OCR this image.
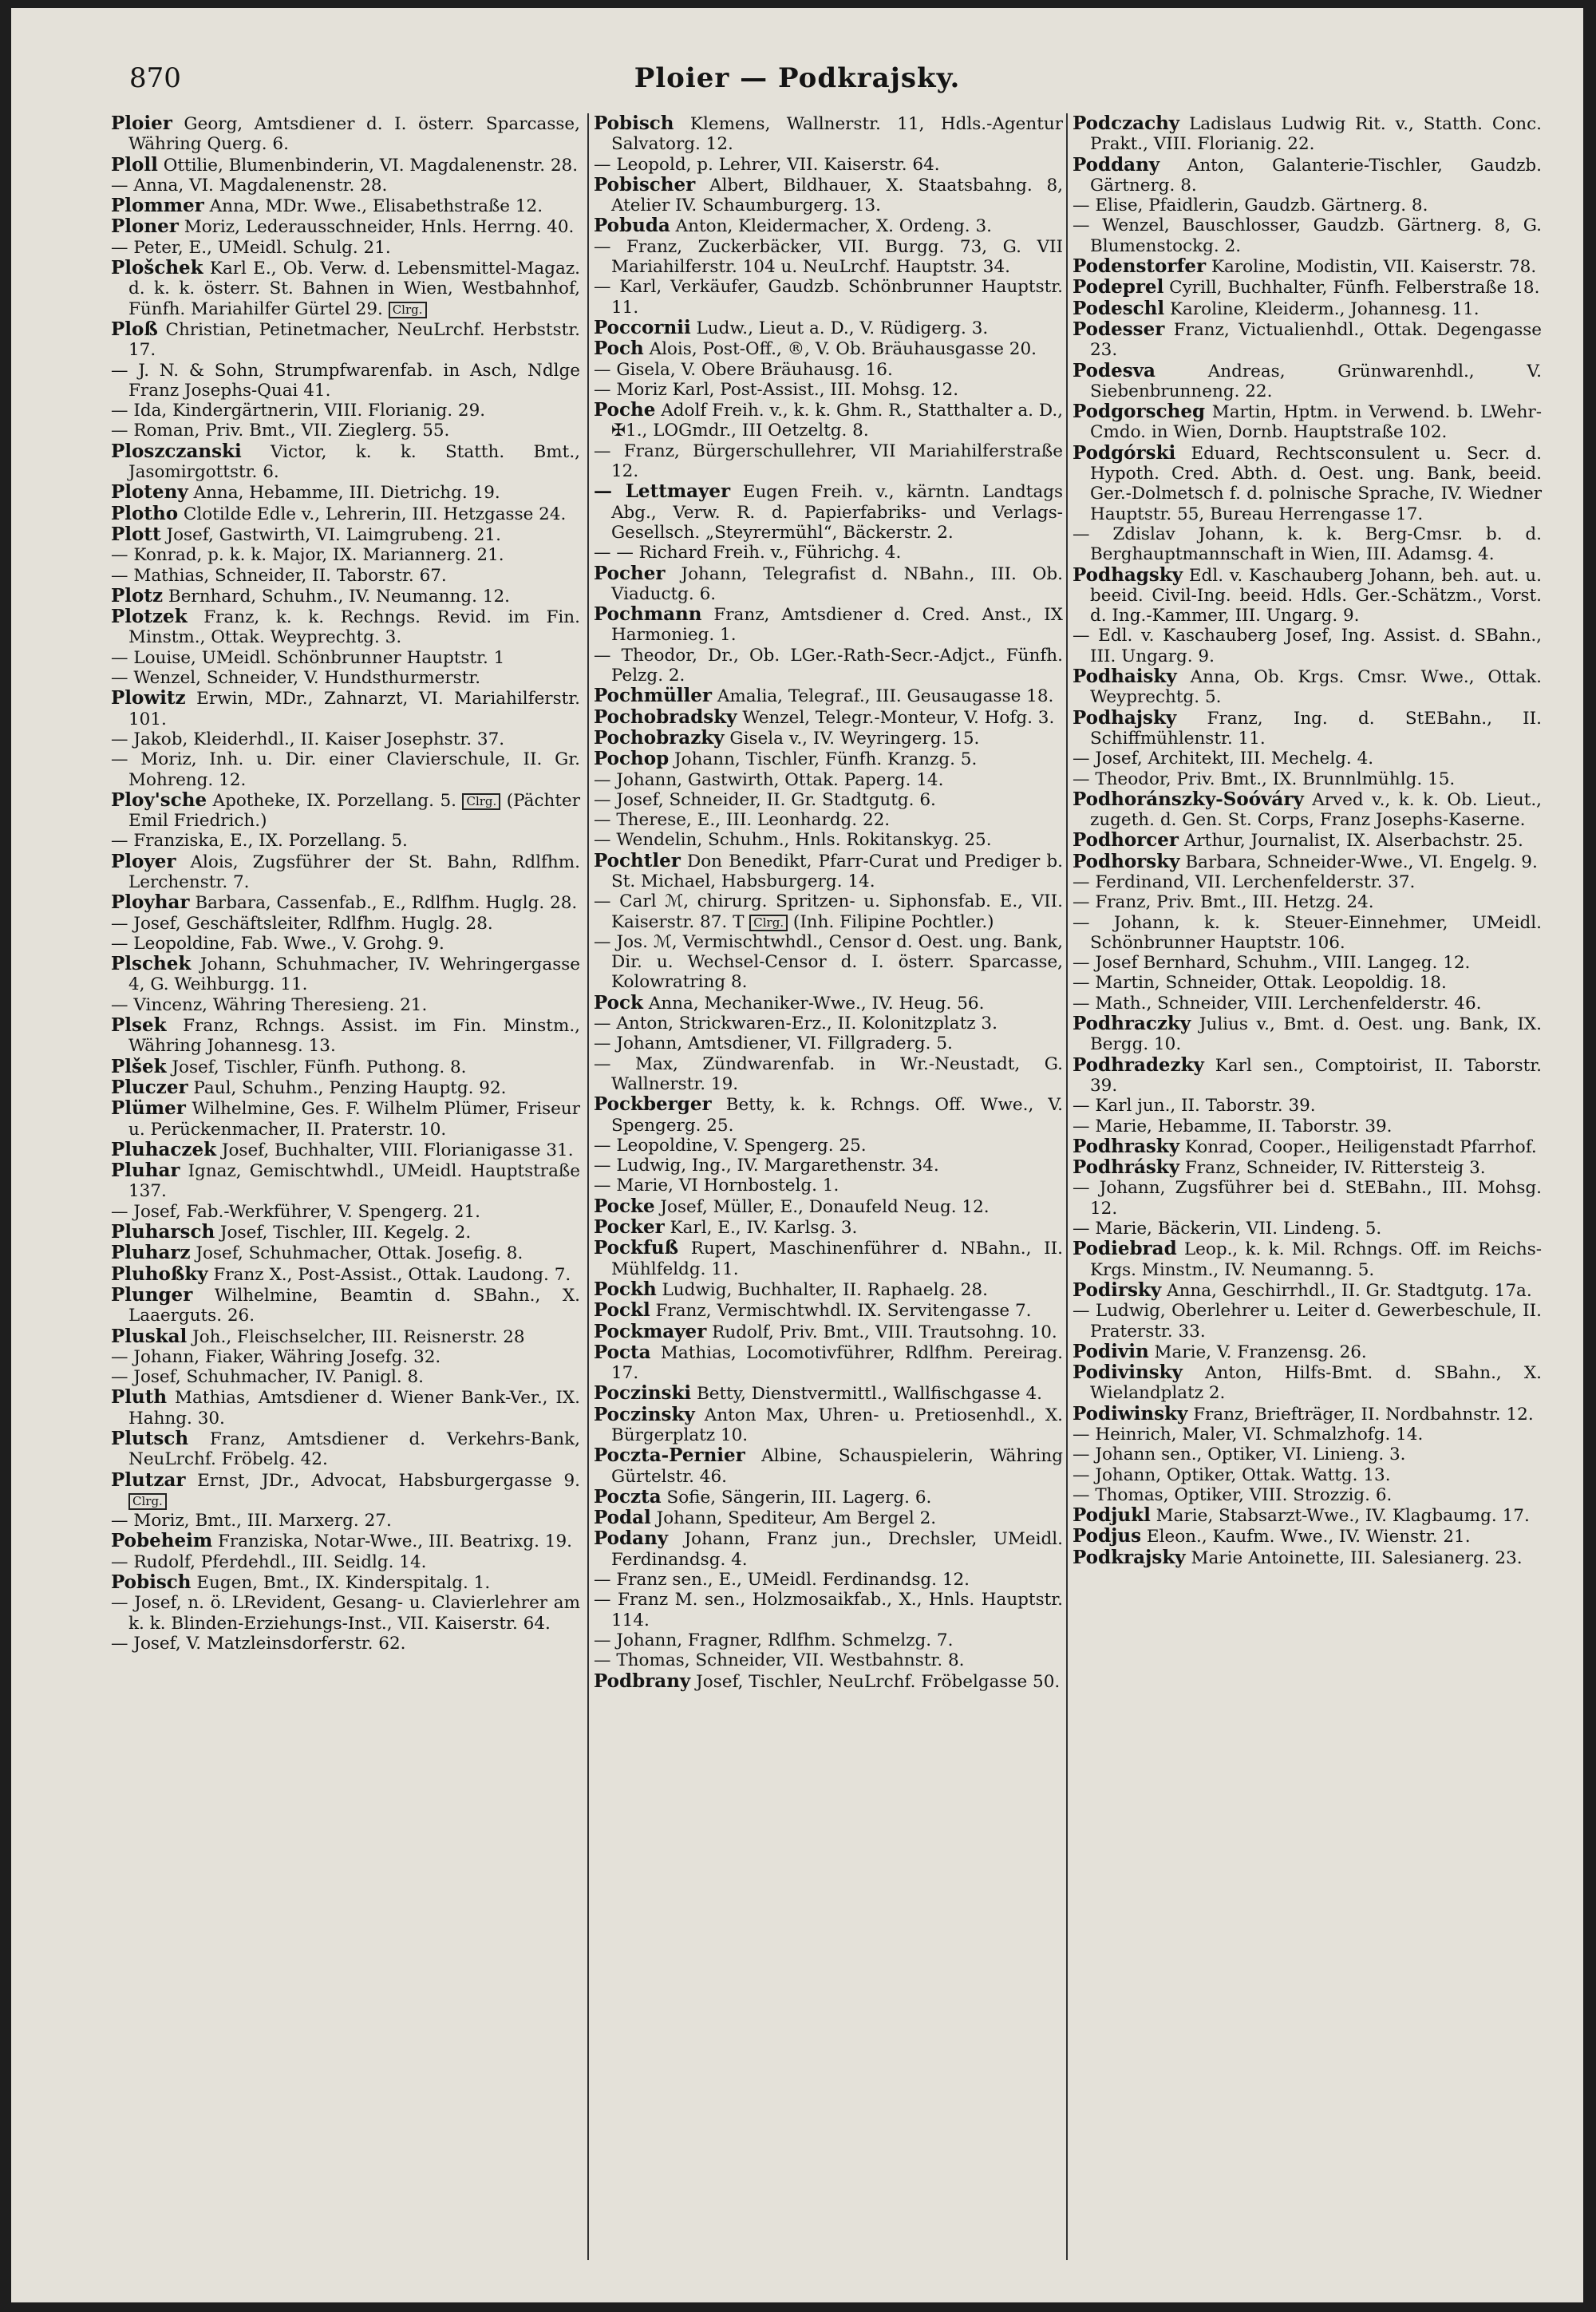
870	Ploier — Podkrajsky.

Ploier Georg, Amtsdiener d. I. österr. Sparcasse, Währing Querg. 6.

Ploll Ottilie, Blumenbinderin, VI. Magdalenenstr. 28.

— Anna, VI. Magdalenenstr. 28.

Plommer Anna, MDr. Wwe., Elisabethstraße 12.

Ploner Moriz, Lederausschneider, Hnls. Herrng. 40.

— Peter, E., UMeidl. Schulg. 21.

Plošchek Karl E., Ob. Verw. d. Lebensmittel-Magaz. d. k. k. österr. St. Bahnen in Wien, Westbahnhof, Fünfh. Mariahilfer Gürtel 29. Clrg.

Ploß Christian, Petinetmacher, NeuLrchf. Herbststr. 17.

— J. N. & Sohn, Strumpfwarenfab. in Asch, Ndlge Franz Josephs-Quai 41.

— Ida, Kindergärtnerin, VIII. Florianig. 29.

— Roman, Priv. Bmt., VII. Zieglerg. 55.

Ploszczanski Victor, k. k. Statth. Bmt., Jasomirgottstr. 6.

Ploteny Anna, Hebamme, III. Dietrichg. 19.

Plotho Clotilde Edle v., Lehrerin, III. Hetzgasse 24.

Plott Josef, Gastwirth, VI. Laimgrubeng. 21.

— Konrad, p. k. k. Major, IX. Mariannerg. 21.

— Mathias, Schneider, II. Taborstr. 67.

Plotz Bernhard, Schuhm., IV. Neumanng. 12.

Plotzek Franz, k. k. Rechngs. Revid. im Fin. Minstm., Ottak. Weyprechtg. 3.

— Louise, UMeidl. Schönbrunner Hauptstr. 1

— Wenzel, Schneider, V. Hundsthurmerstr.

Plowitz Erwin, MDr., Zahnarzt, VI. Mariahilferstr. 101.

— Jakob, Kleiderhdl., II. Kaiser Josephstr. 37.

— Moriz, Inh. u. Dir. einer Clavierschule, II. Gr. Mohreng. 12.

Ploy'sche Apotheke, IX. Porzellang. 5. Clrg. (Pächter Emil Friedrich.)

— Franziska, E., IX. Porzellang. 5.

Ployer Alois, Zugsführer der St. Bahn, Rdlfhm. Lerchenstr. 7.

Ployhar Barbara, Cassenfab., E., Rdlfhm. Huglg. 28.

— Josef, Geschäftsleiter, Rdlfhm. Huglg. 28.

— Leopoldine, Fab. Wwe., V. Grohg. 9.

Plschek Johann, Schuhmacher, IV. Wehringergasse 4, G. Weihburgg. 11.

— Vincenz, Währing Theresieng. 21.

Plsek Franz, Rchngs. Assist. im Fin. Minstm., Währing Johannesg. 13.

Plšek Josef, Tischler, Fünfh. Puthong. 8.

Pluczer Paul, Schuhm., Penzing Hauptg. 92.

Plümer Wilhelmine, Ges. F. Wilhelm Plümer, Friseur u. Perückenmacher, II. Praterstr. 10.

Pluhaczek Josef, Buchhalter, VIII. Florianigasse 31.

Pluhar Ignaz, Gemischtwhdl., UMeidl. Hauptstraße 137.

— Josef, Fab.-Werkführer, V. Spengerg. 21.

Pluharsch Josef, Tischler, III. Kegelg. 2.

Pluharz Josef, Schuhmacher, Ottak. Josefig. 8.

Pluhoßky Franz X., Post-Assist., Ottak. Laudong. 7.

Plunger Wilhelmine, Beamtin d. SBahn., X. Laaerguts. 26.

Pluskal Joh., Fleischselcher, III. Reisnerstr. 28

— Johann, Fiaker, Währing Josefg. 32.

— Josef, Schuhmacher, IV. Panigl. 8.

Pluth Mathias, Amtsdiener d. Wiener Bank-Ver., IX. Hahng. 30.

Plutsch Franz, Amtsdiener d. Verkehrs-Bank, NeuLrchf. Fröbelg. 42.

Plutzar Ernst, JDr., Advocat, Habsburgergasse 9. Clrg.

— Moriz, Bmt., III. Marxerg. 27.

Pobeheim Franziska, Notar-Wwe., III. Beatrixg. 19.

— Rudolf, Pferdehdl., III. Seidlg. 14.

Pobisch Eugen, Bmt., IX. Kinderspitalg. 1.

— Josef, n. ö. LRevident, Gesang- u. Clavierlehrer am k. k. Blinden-Erziehungs-Inst., VII. Kaiserstr. 64.

— Josef, V. Matzleinsdorferstr. 62.

Pobisch Klemens, Wallnerstr. 11, Hdls.-Agentur Salvatorg. 12.

— Leopold, p. Lehrer, VII. Kaiserstr. 64.

Pobischer Albert, Bildhauer, X. Staatsbahng. 8, Atelier IV. Schaumburgerg. 13.

Pobuda Anton, Kleidermacher, X. Ordeng. 3.

— Franz, Zuckerbäcker, VII. Burgg. 73, G. VII Mariahilferstr. 104 u. NeuLrchf. Hauptstr. 34.

— Karl, Verkäufer, Gaudzb. Schönbrunner Hauptstr. 11.

Poccornii Ludw., Lieut a. D., V. Rüdigerg. 3.

Poch Alois, Post-Off., ®, V. Ob. Bräuhausgasse 20.

— Gisela, V. Obere Bräuhausg. 16.

— Moriz Karl, Post-Assist., III. Mohsg. 12.

Poche Adolf Freih. v., k. k. Ghm. R., Statthalter a. D., ✠1., LOGmdr., III Oetzeltg. 8.

— Franz, Bürgerschullehrer, VII Mariahilferstraße 12.

— Lettmayer Eugen Freih. v., kärntn. Landtags Abg., Verw. R. d. Papierfabriks- und Verlags-Gesellsch. „Steyrermühl“, Bäckerstr. 2.

— — Richard Freih. v., Führichg. 4.

Pocher Johann, Telegrafist d. NBahn., III. Ob. Viaductg. 6.

Pochmann Franz, Amtsdiener d. Cred. Anst., IX Harmonieg. 1.

— Theodor, Dr., Ob. LGer.-Rath-Secr.-Adjct., Fünfh. Pelzg. 2.

Pochmüller Amalia, Telegraf., III. Geusaugasse 18.

Pochobradsky Wenzel, Telegr.-Monteur, V. Hofg. 3.

Pochobrazky Gisela v., IV. Weyringerg. 15.

Pochop Johann, Tischler, Fünfh. Kranzg. 5.

— Johann, Gastwirth, Ottak. Paperg. 14.

— Josef, Schneider, II. Gr. Stadtgutg. 6.

— Therese, E., III. Leonhardg. 22.

— Wendelin, Schuhm., Hnls. Rokitanskyg. 25.

Pochtler Don Benedikt, Pfarr-Curat und Prediger b. St. Michael, Habsburgerg. 14.

— Carl ℳ, chirurg. Spritzen- u. Siphonsfab. E., VII. Kaiserstr. 87. T Clrg. (Inh. Filipine Pochtler.)

— Jos. ℳ, Vermischtwhdl., Censor d. Oest. ung. Bank, Dir. u. Wechsel-Censor d. I. österr. Sparcasse, Kolowratring 8.

Pock Anna, Mechaniker-Wwe., IV. Heug. 56.

— Anton, Strickwaren-Erz., II. Kolonitzplatz 3.

— Johann, Amtsdiener, VI. Fillgraderg. 5.

— Max, Zündwarenfab. in Wr.-Neustadt, G. Wallnerstr. 19.

Pockberger Betty, k. k. Rchngs. Off. Wwe., V. Spengerg. 25.

— Leopoldine, V. Spengerg. 25.

— Ludwig, Ing., IV. Margarethenstr. 34.

— Marie, VI Hornbostelg. 1.

Pocke Josef, Müller, E., Donaufeld Neug. 12.

Pocker Karl, E., IV. Karlsg. 3.

Pockfuß Rupert, Maschinenführer d. NBahn., II. Mühlfeldg. 11.

Pockh Ludwig, Buchhalter, II. Raphaelg. 28.

Pockl Franz, Vermischtwhdl. IX. Servitengasse 7.

Pockmayer Rudolf, Priv. Bmt., VIII. Trautsohng. 10.

Pocta Mathias, Locomotivführer, Rdlfhm. Pereirag. 17.

Poczinski Betty, Dienstvermittl., Wallfischgasse 4.

Poczinsky Anton Max, Uhren- u. Pretiosenhdl., X. Bürgerplatz 10.

Poczta-Pernier Albine, Schauspielerin, Währing Gürtelstr. 46.

Poczta Sofie, Sängerin, III. Lagerg. 6.

Podal Johann, Spediteur, Am Bergel 2.

Podany Johann, Franz jun., Drechsler, UMeidl. Ferdinandsg. 4.

— Franz sen., E., UMeidl. Ferdinandsg. 12.

— Franz M. sen., Holzmosaikfab., X., Hnls. Hauptstr. 114.

— Johann, Fragner, Rdlfhm. Schmelzg. 7.

— Thomas, Schneider, VII. Westbahnstr. 8.

Podbrany Josef, Tischler, NeuLrchf. Fröbelgasse 50.

Podczachy Ladislaus Ludwig Rit. v., Statth. Conc. Prakt., VIII. Florianig. 22.

Poddany Anton, Galanterie-Tischler, Gaudzb. Gärtnerg. 8.

— Elise, Pfaidlerin, Gaudzb. Gärtnerg. 8.

— Wenzel, Bauschlosser, Gaudzb. Gärtnerg. 8, G. Blumenstockg. 2.

Podenstorfer Karoline, Modistin, VII. Kaiserstr. 78.

Podeprel Cyrill, Buchhalter, Fünfh. Felberstraße 18.

Podeschl Karoline, Kleiderm., Johannesg. 11.

Podesser Franz, Victualienhdl., Ottak. Degengasse 23.

Podesva Andreas, Grünwarenhdl., V. Siebenbrunneng. 22.

Podgorscheg Martin, Hptm. in Verwend. b. LWehr-Cmdo. in Wien, Dornb. Hauptstraße 102.

Podgórski Eduard, Rechtsconsulent u. Secr. d. Hypoth. Cred. Abth. d. Oest. ung. Bank, beeid. Ger.-Dolmetsch f. d. polnische Sprache, IV. Wiedner Hauptstr. 55, Bureau Herrengasse 17.

— Zdislav Johann, k. k. Berg-Cmsr. b. d. Berghauptmannschaft in Wien, III. Adamsg. 4.

Podhagsky Edl. v. Kaschauberg Johann, beh. aut. u. beeid. Civil-Ing. beeid. Hdls. Ger.-Schätzm., Vorst. d. Ing.-Kammer, III. Ungarg. 9.

— Edl. v. Kaschauberg Josef, Ing. Assist. d. SBahn., III. Ungarg. 9.

Podhaisky Anna, Ob. Krgs. Cmsr. Wwe., Ottak. Weyprechtg. 5.

Podhajsky Franz, Ing. d. StEBahn., II. Schiffmühlenstr. 11.

— Josef, Architekt, III. Mechelg. 4.

— Theodor, Priv. Bmt., IX. Brunnlmühlg. 15.

Podhoránszky-Soóváry Arved v., k. k. Ob. Lieut., zugeth. d. Gen. St. Corps, Franz Josephs-Kaserne.

Podhorcer Arthur, Journalist, IX. Alserbachstr. 25.

Podhorsky Barbara, Schneider-Wwe., VI. Engelg. 9.

— Ferdinand, VII. Lerchenfelderstr. 37.

— Franz, Priv. Bmt., III. Hetzg. 24.

— Johann, k. k. Steuer-Einnehmer, UMeidl. Schönbrunner Hauptstr. 106.

— Josef Bernhard, Schuhm., VIII. Langeg. 12.

— Martin, Schneider, Ottak. Leopoldig. 18.

— Math., Schneider, VIII. Lerchenfelderstr. 46.

Podhraczky Julius v., Bmt. d. Oest. ung. Bank, IX. Bergg. 10.

Podhradezky Karl sen., Comptoirist, II. Taborstr. 39.

— Karl jun., II. Taborstr. 39.

— Marie, Hebamme, II. Taborstr. 39.

Podhrasky Konrad, Cooper., Heiligenstadt Pfarrhof.

Podhrásky Franz, Schneider, IV. Rittersteig 3.

— Johann, Zugsführer bei d. StEBahn., III. Mohsg. 12.

— Marie, Bäckerin, VII. Lindeng. 5.

Podiebrad Leop., k. k. Mil. Rchngs. Off. im Reichs-Krgs. Minstm., IV. Neumanng. 5.

Podirsky Anna, Geschirrhdl., II. Gr. Stadtgutg. 17a.

— Ludwig, Oberlehrer u. Leiter d. Gewerbeschule, II. Praterstr. 33.

Podivin Marie, V. Franzensg. 26.

Podivinsky Anton, Hilfs-Bmt. d. SBahn., X. Wielandplatz 2.

Podiwinsky Franz, Briefträger, II. Nordbahnstr. 12.

— Heinrich, Maler, VI. Schmalzhofg. 14.

— Johann sen., Optiker, VI. Linieng. 3.

— Johann, Optiker, Ottak. Wattg. 13.

— Thomas, Optiker, VIII. Strozzig. 6.

Podjukl Marie, Stabsarzt-Wwe., IV. Klagbaumg. 17.

Podjus Eleon., Kaufm. Wwe., IV. Wienstr. 21.

Podkrajsky Marie Antoinette, III. Salesianerg. 23.
